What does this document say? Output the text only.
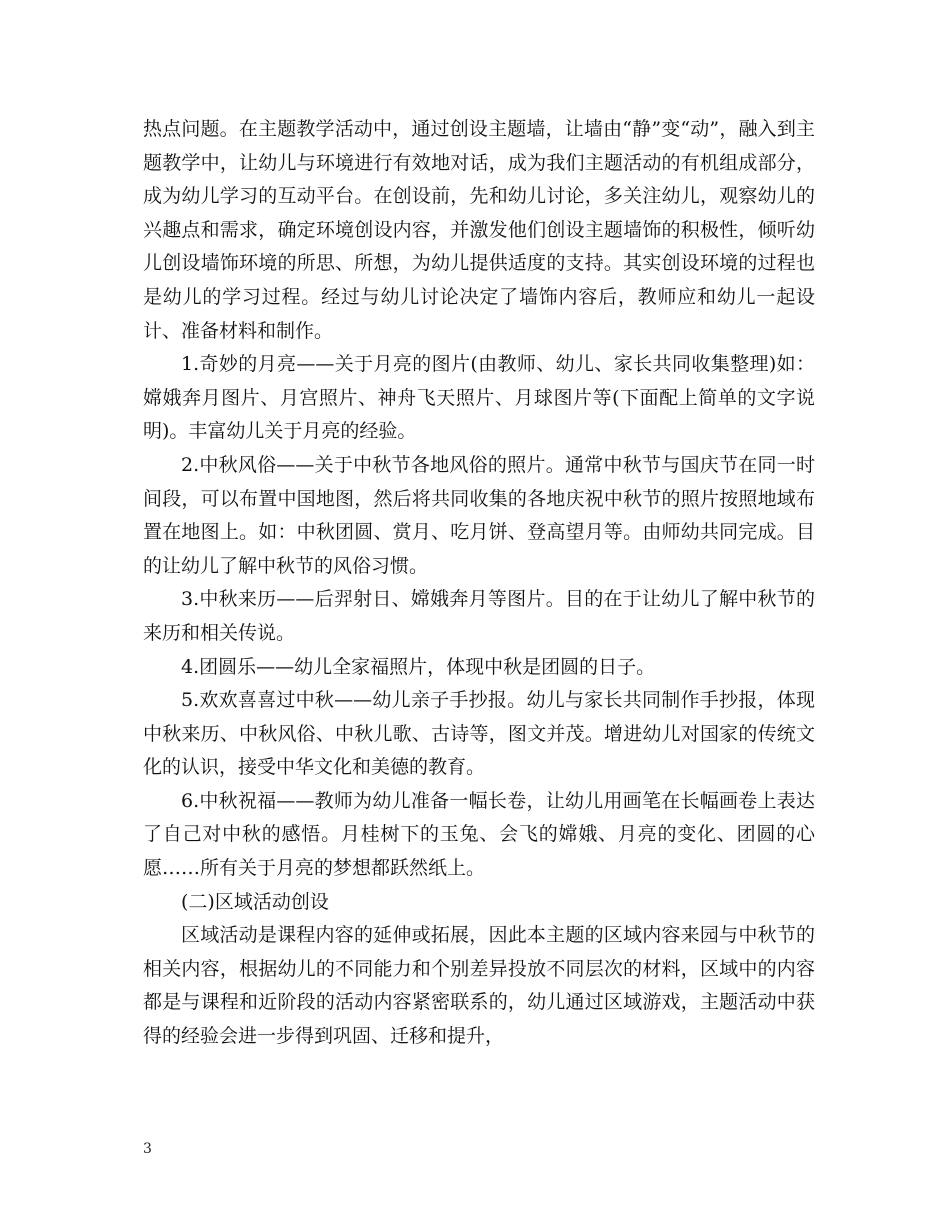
热点问题。在主题教学活动中，通过创设主题墙，让墙由“静”变“动”，融入到主题教学中，让幼儿与环境进行有效地对话，成为我们主题活动的有机组成部分，成为幼儿学习的互动平台。在创设前，先和幼儿讨论，多关注幼儿，观察幼儿的兴趣点和需求，确定环境创设内容，并激发他们创设主题墙饰的积极性，倾听幼儿创设墙饰环境的所思、所想，为幼儿提供适度的支持。其实创设环境的过程也是幼儿的学习过程。经过与幼儿讨论决定了墙饰内容后，教师应和幼儿一起设计、准备材料和制作。

1.奇妙的月亮——关于月亮的图片(由教师、幼儿、家长共同收集整理)如：嫦娥奔月图片、月宫照片、神舟飞天照片、月球图片等(下面配上简单的文字说明)。丰富幼儿关于月亮的经验。

2.中秋风俗——关于中秋节各地风俗的照片。通常中秋节与国庆节在同一时间段，可以布置中国地图，然后将共同收集的各地庆祝中秋节的照片按照地域布置在地图上。如：中秋团圆、赏月、吃月饼、登高望月等。由师幼共同完成。目的让幼儿了解中秋节的风俗习惯。

3.中秋来历——后羿射日、嫦娥奔月等图片。目的在于让幼儿了解中秋节的来历和相关传说。

4.团圆乐——幼儿全家福照片，体现中秋是团圆的日子。

5.欢欢喜喜过中秋——幼儿亲子手抄报。幼儿与家长共同制作手抄报，体现中秋来历、中秋风俗、中秋儿歌、古诗等，图文并茂。增进幼儿对国家的传统文化的认识，接受中华文化和美德的教育。

6.中秋祝福——教师为幼儿准备一幅长卷，让幼儿用画笔在长幅画卷上表达了自己对中秋的感悟。月桂树下的玉兔、会飞的嫦娥、月亮的变化、团圆的心愿……所有关于月亮的梦想都跃然纸上。

(二)区域活动创设

区域活动是课程内容的延伸或拓展，因此本主题的区域内容来园与中秋节的相关内容，根据幼儿的不同能力和个别差异投放不同层次的材料，区域中的内容都是与课程和近阶段的活动内容紧密联系的，幼儿通过区域游戏，主题活动中获得的经验会进一步得到巩固、迁移和提升，

3
